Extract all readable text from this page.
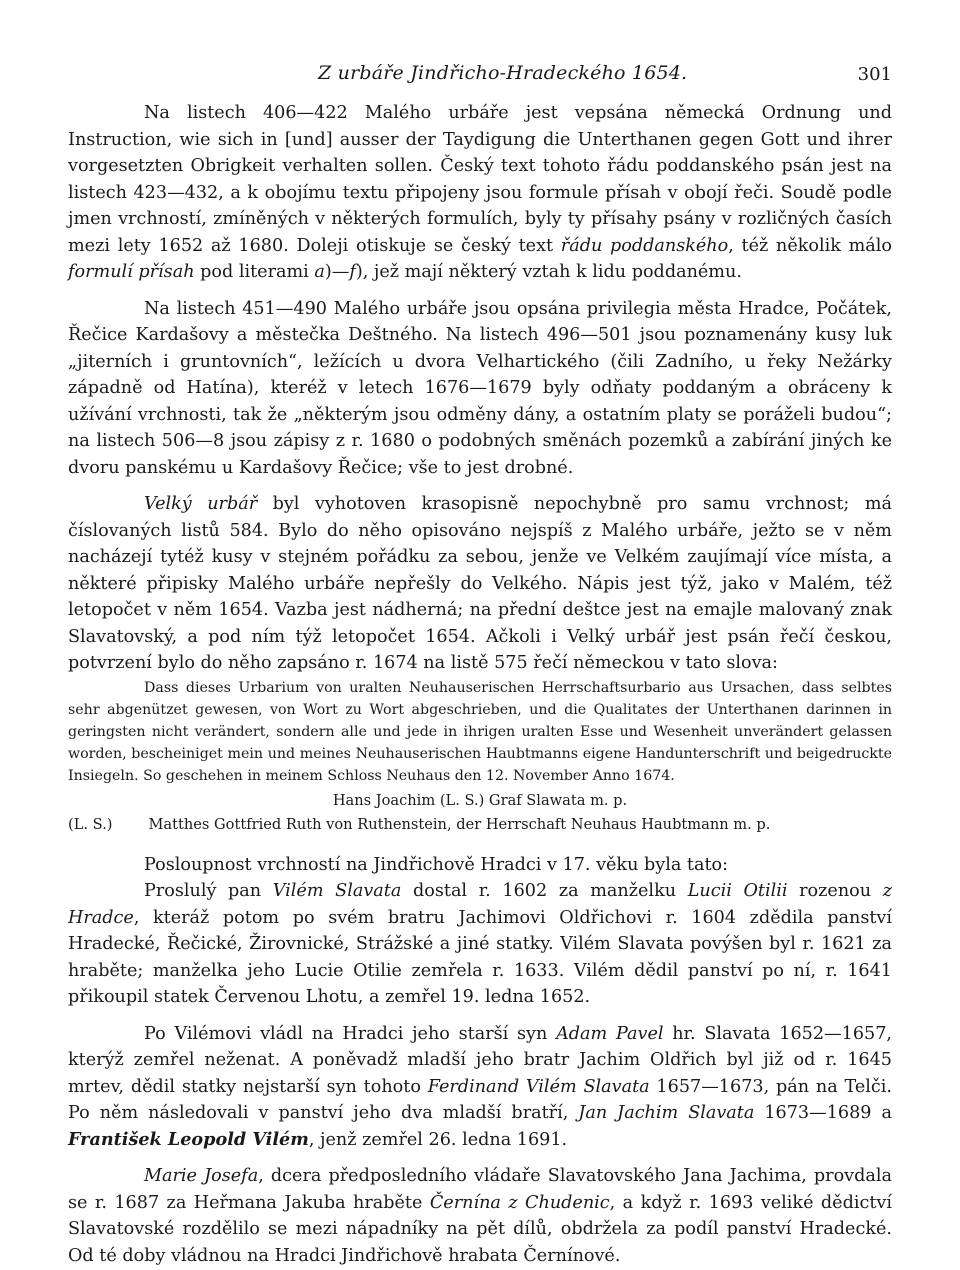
Z urbáře Jindřicho-Hradeckého 1654.	301

Na listech 406—422 Malého urbáře jest vepsána německá Ordnung und Instruction, wie sich in [und] ausser der Taydigung die Unterthanen gegen Gott und ihrer vorgesetzten Obrigkeit verhalten sollen. Český text tohoto řádu poddanského psán jest na listech 423—432, a k obojímu textu připojeny jsou formule přísah v obojí řeči. Soudě podle jmen vrchností, zmíněných v některých formulích, byly ty přísahy psány v rozličných časích mezi lety 1652 až 1680. Doleji otiskuje se český text řádu poddanského, též několik málo formulí přísah pod literami a)—f), jež mají některý vztah k lidu poddanému.

Na listech 451—490 Malého urbáře jsou opsána privilegia města Hradce, Počátek, Řečice Kardašovy a městečka Deštného. Na listech 496—501 jsou poznamenány kusy luk „jiterních i gruntovních“, ležících u dvora Velhartického (čili Zadního, u řeky Nežárky západně od Hatína), kteréž v letech 1676—1679 byly odňaty poddaným a obráceny k užívání vrchnosti, tak že „některým jsou odměny dány, a ostatním platy se poráželi budou“; na listech 506—8 jsou zápisy z r. 1680 o podobných směnách pozemků a zabírání jiných ke dvoru panskému u Kardašovy Řečice; vše to jest drobné.

Velký urbář byl vyhotoven krasopisně nepochybně pro samu vrchnost; má číslovaných listů 584. Bylo do něho opisováno nejspíš z Malého urbáře, ježto se v něm nacházejí tytéž kusy v stejném pořádku za sebou, jenže ve Velkém zaujímají více místa, a některé připisky Malého urbáře nepřešly do Velkého. Nápis jest týž, jako v Malém, též letopočet v něm 1654. Vazba jest nádherná; na přední deštce jest na emajle malovaný znak Slavatovský, a pod ním týž letopočet 1654. Ačkoli i Velký urbář jest psán řečí českou, potvrzení bylo do něho zapsáno r. 1674 na listě 575 řečí německou v tato slova:

Dass dieses Urbarium von uralten Neuhauserischen Herrschaftsurbario aus Ursachen, dass selbtes sehr abgenützet gewesen, von Wort zu Wort abgeschrieben, und die Qualitates der Unterthanen darinnen in geringsten nicht verändert, sondern alle und jede in ihrigen uralten Esse und Wesenheit unverändert gelassen worden, bescheiniget mein und meines Neuhauserischen Haubtmanns eigene Handunterschrift und beigedruckte Insiegeln. So geschehen in meinem Schloss Neuhaus den 12. November Anno 1674.

Hans Joachim (L. S.) Graf Slawata m. p.
(L. S.) Matthes Gottfried Ruth von Ruthenstein, der Herrschaft Neuhaus Haubtmann m. p.

Posloupnost vrchností na Jindřichově Hradci v 17. věku byla tato:

Proslulý pan Vilém Slavata dostal r. 1602 za manželku Lucii Otilii rozenou z Hradce, kteráž potom po svém bratru Jachimovi Oldřichovi r. 1604 zdědila panství Hradecké, Řečické, Žirovnické, Strážské a jiné statky. Vilém Slavata povýšen byl r. 1621 za hraběte; manželka jeho Lucie Otilie zemřela r. 1633. Vilém dědil panství po ní, r. 1641 přikoupil statek Červenou Lhotu, a zemřel 19. ledna 1652.

Po Vilémovi vládl na Hradci jeho starší syn Adam Pavel hr. Slavata 1652—1657, kterýž zemřel neženat. A poněvadž mladší jeho bratr Jachim Oldřich byl již od r. 1645 mrtev, dědil statky nejstarší syn tohoto Ferdinand Vilém Slavata 1657—1673, pán na Telči. Po něm následovali v panství jeho dva mladší bratří, Jan Jachim Slavata 1673—1689 a František Leopold Vilém, jenž zemřel 26. ledna 1691.

Marie Josefa, dcera předposledního vládaře Slavatovského Jana Jachima, provdala se r. 1687 za Heřmana Jakuba hraběte Černína z Chudenic, a když r. 1693 veliké dědictví Slavatovské rozdělilo se mezi nápadníky na pět dílů, obdržela za podíl panství Hradecké. Od té doby vládnou na Hradci Jindřichově hrabata Černínové.
